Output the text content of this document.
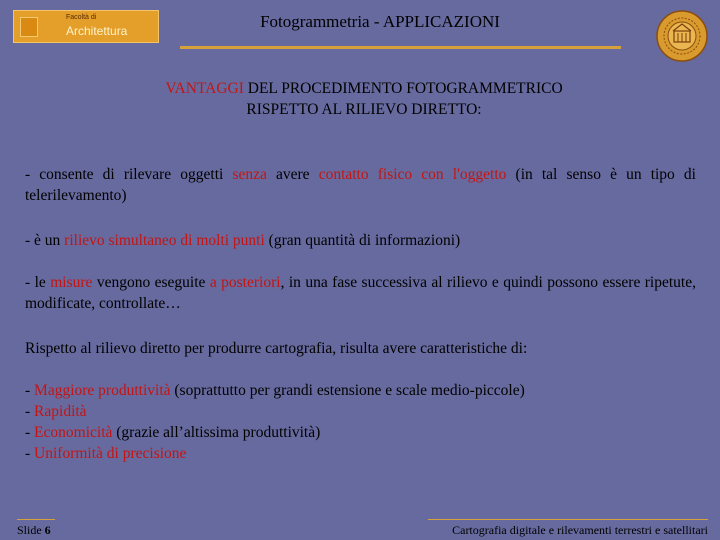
Facoltà di
Architettura	Fotogrammetria - APPLICAZIONI
VANTAGGI DEL PROCEDIMENTO FOTOGRAMMETRICO
RISPETTO AL RILIEVO DIRETTO:
- consente di rilevare oggetti senza avere contatto fisico con l'oggetto (in tal senso è un tipo di telerilevamento)
- è un rilievo simultaneo di molti punti (gran quantità di informazioni)
- le misure vengono eseguite a posteriori, in una fase successiva al rilievo e quindi possono essere ripetute, modificate, controllate…
Rispetto al rilievo diretto per produrre cartografia, risulta avere caratteristiche di:
- Maggiore produttività (soprattutto per grandi estensione e scale medio-piccole)
- Rapidità
- Economicità (grazie all’altissima produttività)
- Uniformità di precisione
Slide 6	Cartografia digitale e rilevamenti terrestri e satellitari
